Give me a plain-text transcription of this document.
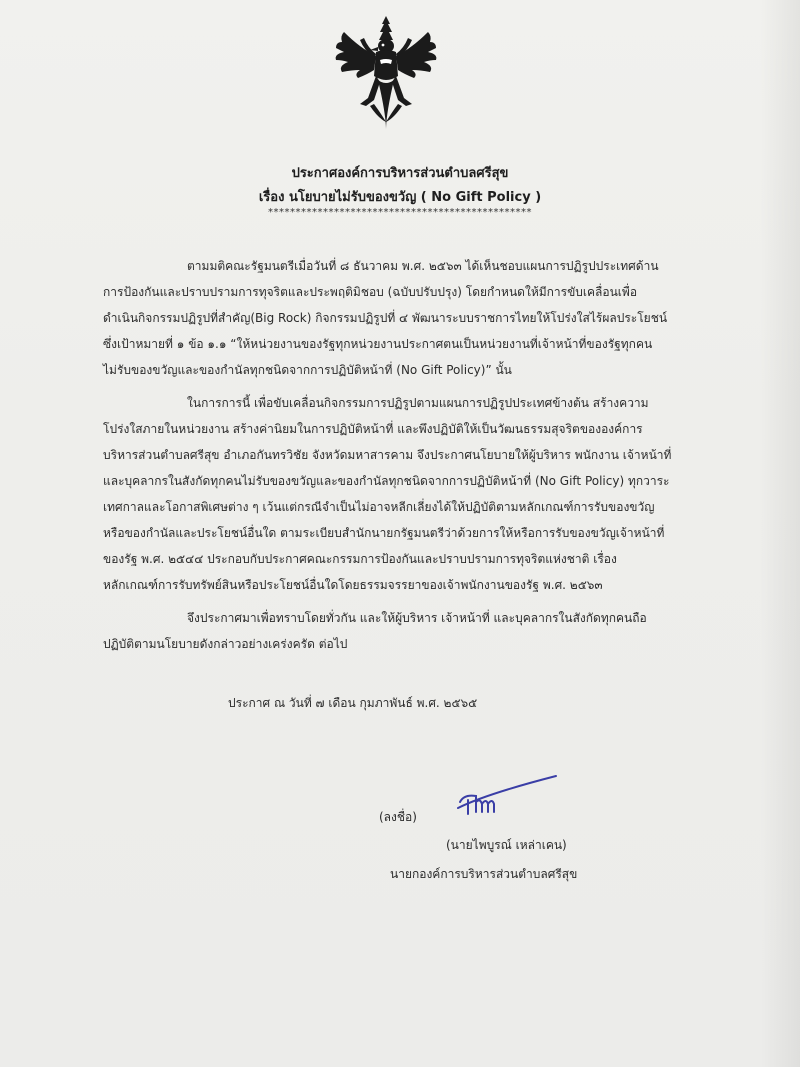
ประกาศองค์การบริหารส่วนตำบลศรีสุข
เรื่อง นโยบายไม่รับของขวัญ ( No Gift Policy )
************************************************
ตามมติคณะรัฐมนตรีเมื่อวันที่ ๘ ธันวาคม พ.ศ. ๒๕๖๓ ได้เห็นชอบแผนการปฏิรูปประเทศด้าน
การป้องกันและปราบปรามการทุจริตและประพฤติมิชอบ (ฉบับปรับปรุง) โดยกำหนดให้มีการขับเคลื่อนเพื่อ
ดำเนินกิจกรรมปฏิรูปที่สำคัญ(Big Rock) กิจกรรมปฏิรูปที่ ๔ พัฒนาระบบราชการไทยให้โปร่งใสไร้ผลประโยชน์
ซึ่งเป้าหมายที่ ๑ ข้อ ๑.๑ “ให้หน่วยงานของรัฐทุกหน่วยงานประกาศตนเป็นหน่วยงานที่เจ้าหน้าที่ของรัฐทุกคน
ไม่รับของขวัญและของกำนัลทุกชนิดจากการปฏิบัติหน้าที่ (No Gift Policy)” นั้น
ในการการนี้ เพื่อขับเคลื่อนกิจกรรมการปฏิรูปตามแผนการปฏิรูปประเทศข้างต้น สร้างความ
โปร่งใสภายในหน่วยงาน สร้างค่านิยมในการปฏิบัติหน้าที่ และพึงปฏิบัติให้เป็นวัฒนธรรมสุจริตขององค์การ
บริหารส่วนตำบลศรีสุข อำเภอกันทรวิชัย จังหวัดมหาสารคาม จึงประกาศนโยบายให้ผู้บริหาร พนักงาน เจ้าหน้าที่
และบุคลากรในสังกัดทุกคนไม่รับของขวัญและของกำนัลทุกชนิดจากการปฏิบัติหน้าที่ (No Gift Policy) ทุกวาระ
เทศกาลและโอกาสพิเศษต่าง ๆ เว้นแต่กรณีจำเป็นไม่อาจหลีกเลี่ยงได้ให้ปฏิบัติตามหลักเกณฑ์การรับของขวัญ
หรือของกำนัลและประโยชน์อื่นใด ตามระเบียบสำนักนายกรัฐมนตรีว่าด้วยการให้หรือการรับของขวัญเจ้าหน้าที่
ของรัฐ พ.ศ. ๒๕๔๔ ประกอบกับประกาศคณะกรรมการป้องกันและปราบปรามการทุจริตแห่งชาติ เรื่อง
หลักเกณฑ์การรับทรัพย์สินหรือประโยชน์อื่นใดโดยธรรมจรรยาของเจ้าพนักงานของรัฐ พ.ศ. ๒๕๖๓
จึงประกาศมาเพื่อทราบโดยทั่วกัน และให้ผู้บริหาร เจ้าหน้าที่ และบุคลากรในสังกัดทุกคนถือ
ปฏิบัติตามนโยบายดังกล่าวอย่างเคร่งครัด ต่อไป
ประกาศ ณ วันที่ ๗ เดือน กุมภาพันธ์ พ.ศ. ๒๕๖๕
(ลงชื่อ)
(นายไพบูรณ์ เหล่าเคน)
นายกองค์การบริหารส่วนตำบลศรีสุข
